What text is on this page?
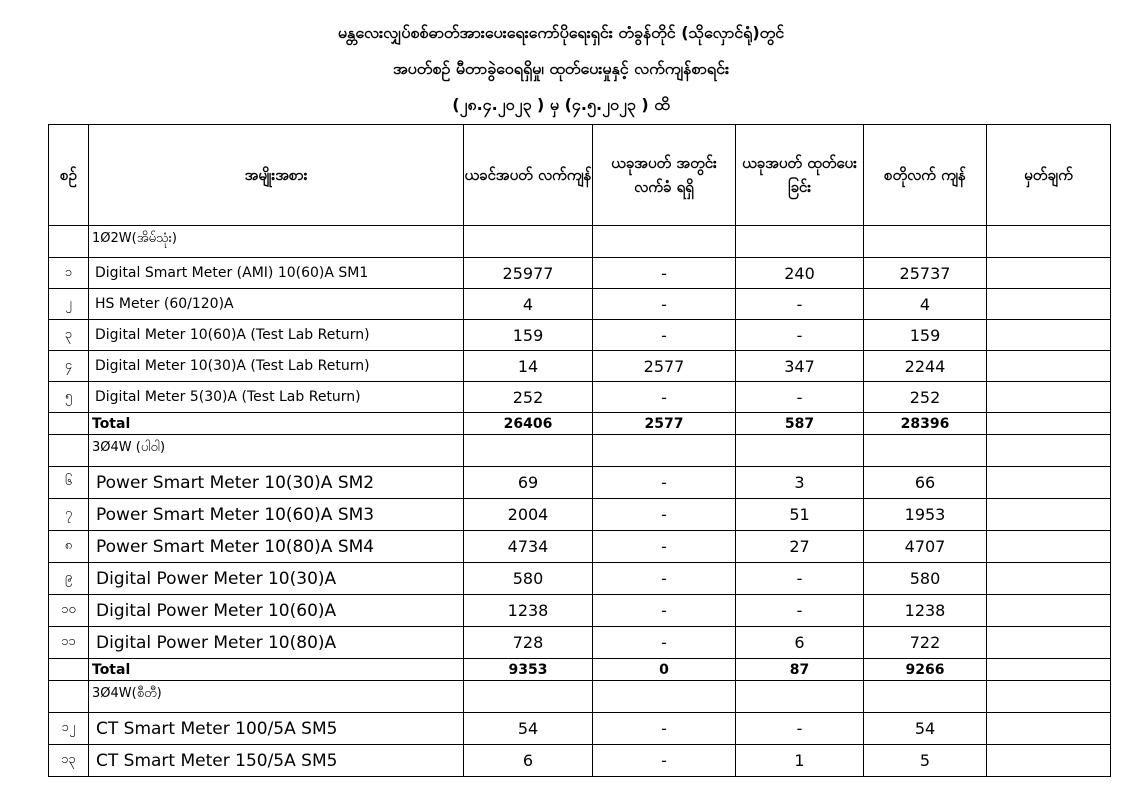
မန္တလေးလျှပ်စစ်ဓာတ်အားပေးရေးကော်ပိုရေးရှင်း တံခွန်တိုင် (သိုလှောင်ရုံ)တွင်
အပတ်စဉ် မီတာခွဲဝေရရှိမှု၊ ထုတ်ပေးမှုနှင့် လက်ကျန်စာရင်း
(၂၈.၄.၂၀၂၃ ) မှ (၄.၅.၂၀၂၃ ) ထိ
စဉ်	အမျိုးအစား	ယခင်အပတ် လက်ကျန်	ယခုအပတ် အတွင်းလက်ခံ ရရှိ	ယခုအပတ် ထုတ်ပေးခြင်း	စတိုလက် ကျန်	မှတ်ချက်
	1Ø2W(အိမ်သုံး)					
၁	Digital Smart Meter (AMI) 10(60)A SM1	25977	-	240	25737	
၂	HS Meter (60/120)A	4	-	-	4	
၃	Digital Meter 10(60)A (Test Lab Return)	159	-	-	159	
၄	Digital Meter 10(30)A (Test Lab Return)	14	2577	347	2244	
၅	Digital Meter 5(30)A (Test Lab Return)	252	-	-	252	
	Total	26406	2577	587	28396	
	3Ø4W (ပါဝါ)					
၆	Power Smart Meter 10(30)A SM2	69	-	3	66	
၇	Power Smart Meter 10(60)A SM3	2004	-	51	1953	
၈	Power Smart Meter 10(80)A SM4	4734	-	27	4707	
၉	Digital Power Meter 10(30)A	580	-	-	580	
၁၀	Digital Power Meter 10(60)A	1238	-	-	1238	
၁၁	Digital Power Meter 10(80)A	728	-	6	722	
	Total	9353	0	87	9266	
	3Ø4W(စီတီ)					
၁၂	CT Smart Meter 100/5A SM5	54	-	-	54	
၁၃	CT Smart Meter 150/5A SM5	6	-	1	5	
